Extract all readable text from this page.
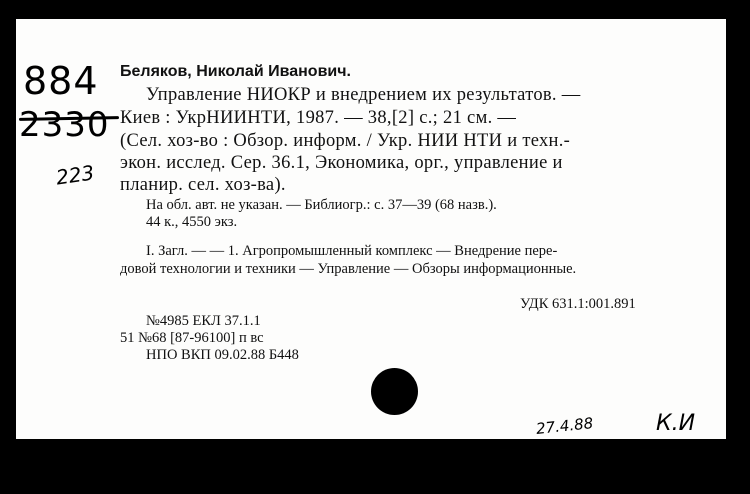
884
2330
223
Беляков, Николай Иванович.
Управление НИОКР и внедрением их результатов. —
Киев : УкрНИИНТИ, 1987. — 38,[2] с.; 21 см. —
(Сел. хоз-во : Обзор. информ. / Укр. НИИ НТИ и техн.-
экон. исслед. Сер. 36.1, Экономика, орг., управление и
планир. сел. хоз-ва).
На обл. авт. не указан. — Библиогр.: с. 37—39 (68 назв.).
44 к., 4550 экз.
I. Загл. — — 1. Агропромышленный комплекс — Внедрение пере-
довой технологии и техники — Управление — Обзоры информационные.
УДК 631.1:001.891
№4985 ЕКЛ 37.1.1
51 №68 [87-96100] п вс
НПО ВКП 09.02.88 Б448
27.4.88	К.И
